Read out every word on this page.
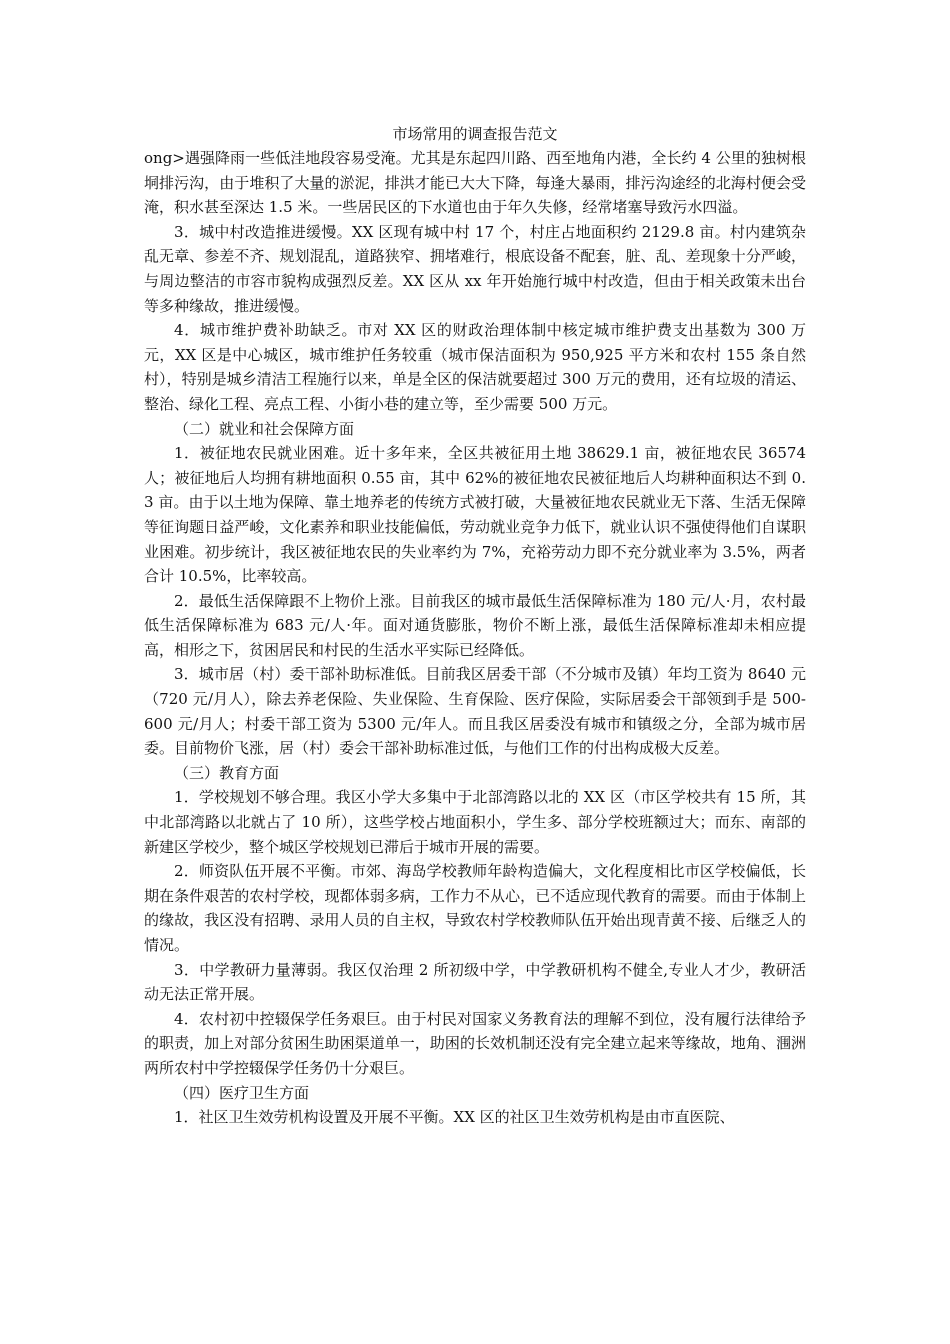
市场常用的调查报告范文

ong>遇强降雨一些低洼地段容易受淹。尤其是东起四川路、西至地角内港，全长约 4 公里的独树根垌排污沟，由于堆积了大量的淤泥，排洪才能已大大下降，每逢大暴雨，排污沟途经的北海村便会受淹，积水甚至深达 1.5 米。一些居民区的下水道也由于年久失修，经常堵塞导致污水四溢。

3．城中村改造推进缓慢。XX 区现有城中村 17 个，村庄占地面积约 2129.8 亩。村内建筑杂乱无章、参差不齐、规划混乱，道路狭窄、拥堵难行，根底设备不配套，脏、乱、差现象十分严峻，与周边整洁的市容市貌构成强烈反差。XX 区从 xx 年开始施行城中村改造，但由于相关政策未出台等多种缘故，推进缓慢。

4．城市维护费补助缺乏。市对 XX 区的财政治理体制中核定城市维护费支出基数为 300 万元，XX 区是中心城区，城市维护任务较重（城市保洁面积为 950,925 平方米和农村 155 条自然村），特别是城乡清洁工程施行以来，单是全区的保洁就要超过 300 万元的费用，还有垃圾的清运、整治、绿化工程、亮点工程、小街小巷的建立等，至少需要 500 万元。

（二）就业和社会保障方面

1．被征地农民就业困难。近十多年来，全区共被征用土地 38629.1 亩，被征地农民 36574 人；被征地后人均拥有耕地面积 0.55 亩，其中 62%的被征地农民被征地后人均耕种面积达不到 0.3 亩。由于以土地为保障、靠土地养老的传统方式被打破，大量被征地农民就业无下落、生活无保障等征询题日益严峻，文化素养和职业技能偏低，劳动就业竞争力低下，就业认识不强使得他们自谋职业困难。初步统计，我区被征地农民的失业率约为 7%，充裕劳动力即不充分就业率为 3.5%，两者合计 10.5%，比率较高。

2．最低生活保障跟不上物价上涨。目前我区的城市最低生活保障标准为 180 元/人·月，农村最低生活保障标准为 683 元/人·年。面对通货膨胀，物价不断上涨，最低生活保障标准却未相应提高，相形之下，贫困居民和村民的生活水平实际已经降低。

3．城市居（村）委干部补助标准低。目前我区居委干部（不分城市及镇）年均工资为 8640 元（720 元/月人），除去养老保险、失业保险、生育保险、医疗保险，实际居委会干部领到手是 500-600 元/月人；村委干部工资为 5300 元/年人。而且我区居委没有城市和镇级之分，全部为城市居委。目前物价飞涨，居（村）委会干部补助标准过低，与他们工作的付出构成极大反差。

（三）教育方面

1．学校规划不够合理。我区小学大多集中于北部湾路以北的 XX 区（市区学校共有 15 所，其中北部湾路以北就占了 10 所），这些学校占地面积小，学生多、部分学校班额过大；而东、南部的新建区学校少，整个城区学校规划已滞后于城市开展的需要。

2．师资队伍开展不平衡。市郊、海岛学校教师年龄构造偏大，文化程度相比市区学校偏低，长期在条件艰苦的农村学校，现都体弱多病，工作力不从心，已不适应现代教育的需要。而由于体制上的缘故，我区没有招聘、录用人员的自主权，导致农村学校教师队伍开始出现青黄不接、后继乏人的情况。

3．中学教研力量薄弱。我区仅治理 2 所初级中学，中学教研机构不健全,专业人才少，教研活动无法正常开展。

4．农村初中控辍保学任务艰巨。由于村民对国家义务教育法的理解不到位，没有履行法律给予的职责，加上对部分贫困生助困渠道单一，助困的长效机制还没有完全建立起来等缘故，地角、涠洲两所农村中学控辍保学任务仍十分艰巨。

（四）医疗卫生方面

1．社区卫生效劳机构设置及开展不平衡。XX 区的社区卫生效劳机构是由市直医院、
